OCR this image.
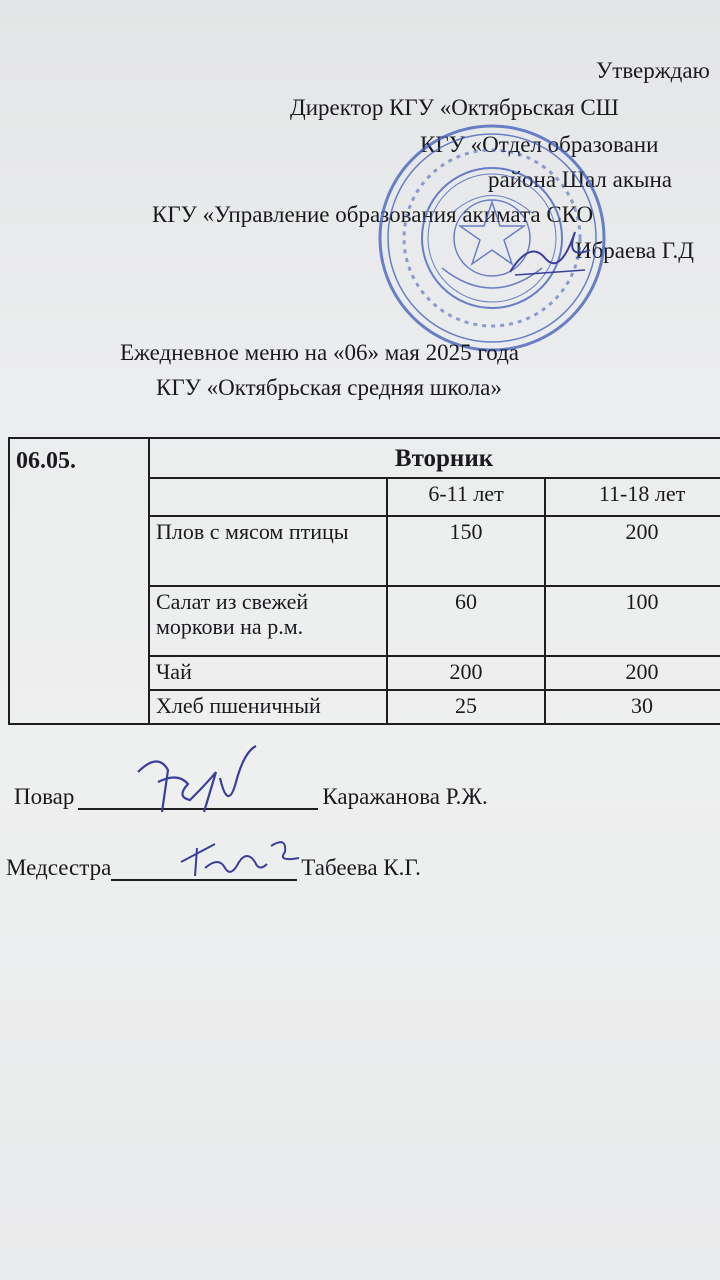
Утверждаю
Директор КГУ «Октябрьская СШ
КГУ «Отдел образовани
района Шал акына
КГУ «Управление образования акимата СКО
Ибраева Г.Д
Ежедневное меню на «06» мая 2025 года
КГУ «Октябрьская средняя школа»
06.05.	Вторник		
		6-11 лет	11-18 лет
	Плов с мясом птицы	150	200
	Салат из свежей моркови на р.м.	60	100
	Чай	200	200
	Хлеб пшеничный	25	30
Повар	Каражанова Р.Ж.
Медсестра	Табеева К.Г.
